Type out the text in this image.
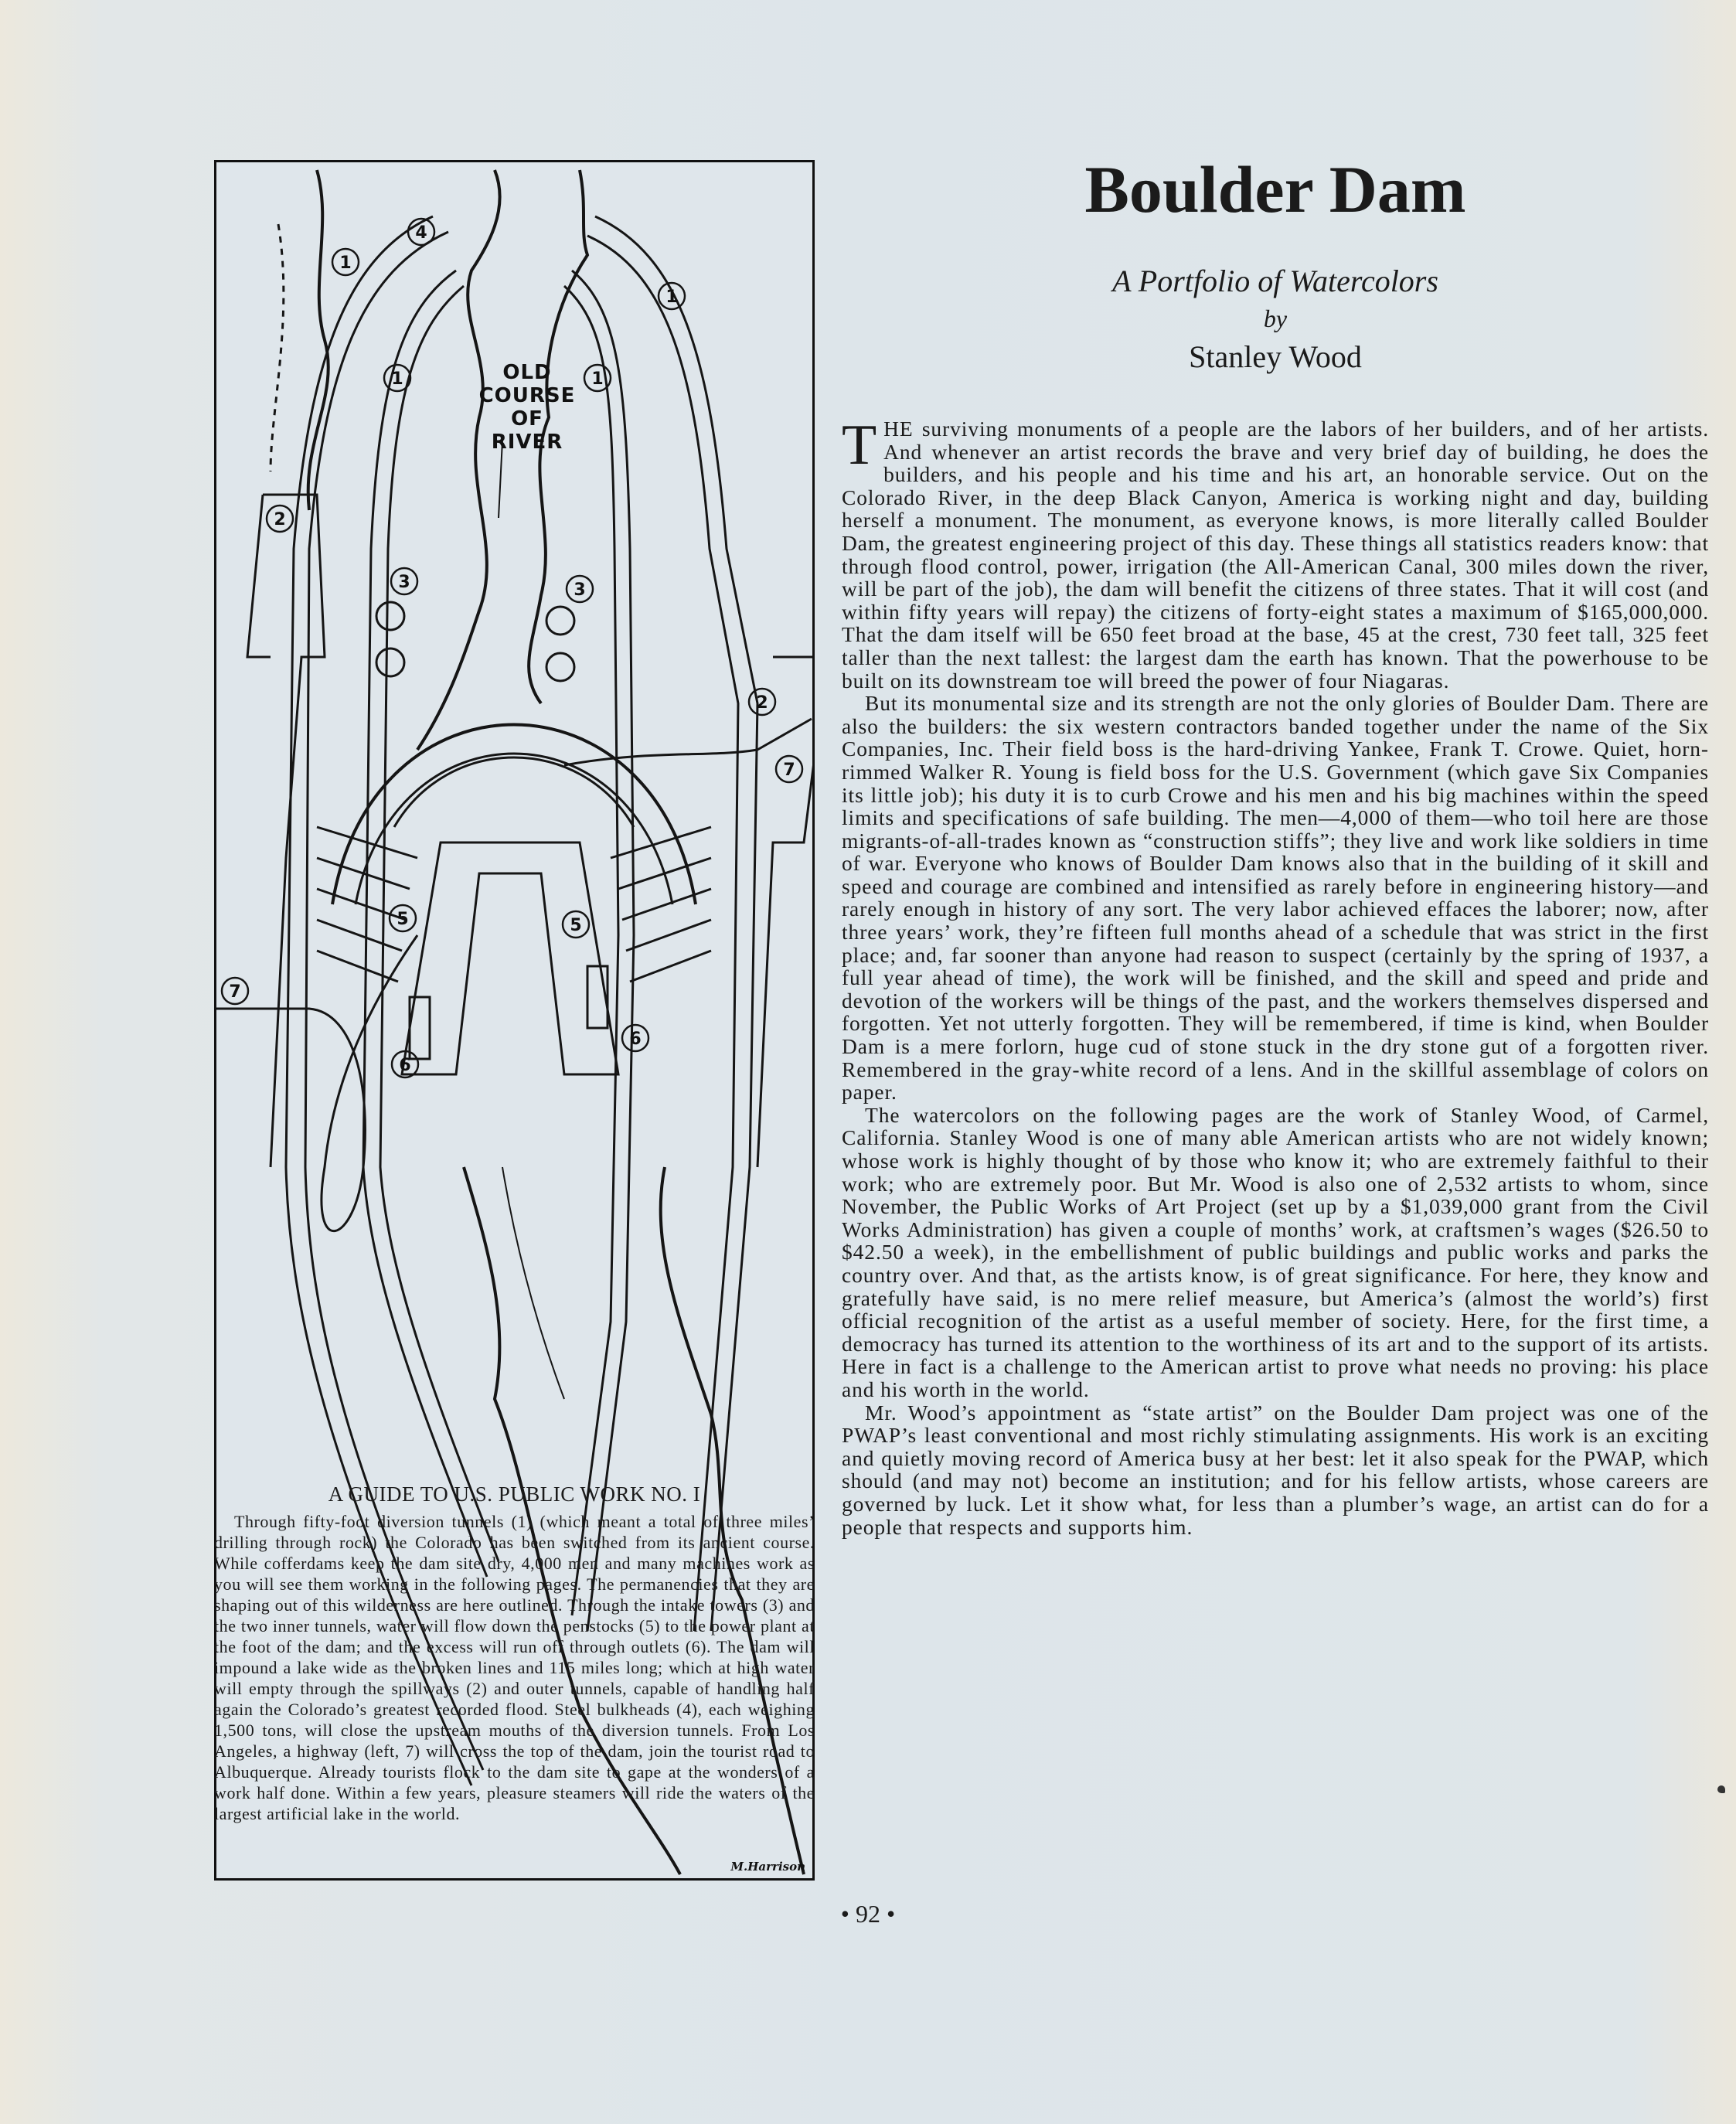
4
1
1	1
1
2
2
3	3
7
5	5
7
6
6
OLD
COURSE
OF
RIVER
M.Harrison
A GUIDE TO U.S. PUBLIC WORK NO. I

Through fifty-foot diversion tunnels (1) (which meant a total of three miles’ drilling through rock) the Colorado has been switched from its ancient course. While cofferdams keep the dam site dry, 4,000 men and many machines work as you will see them working in the following pages. The permanencies that they are shaping out of this wilderness are here outlined. Through the intake towers (3) and the two inner tunnels, water will flow down the penstocks (5) to the power plant at the foot of the dam; and the excess will run off through outlets (6). The dam will impound a lake wide as the broken lines and 115 miles long; which at high water will empty through the spillways (2) and outer tunnels, capable of handling half again the Colorado’s greatest recorded flood. Steel bulkheads (4), each weighing 1,500 tons, will close the upstream mouths of the diversion tunnels. From Los Angeles, a highway (left, 7) will cross the top of the dam, join the tourist road to Albuquerque. Already tourists flock to the dam site to gape at the wonders of a work half done. Within a few years, pleasure steamers will ride the waters of the largest artificial lake in the world.

Boulder Dam
A Portfolio of Watercolors
by
Stanley Wood

THE surviving monuments of a people are the labors of her builders, and of her artists. And whenever an artist records the brave and very brief day of building, he does the builders, and his people and his time and his art, an honorable service. Out on the Colorado River, in the deep Black Canyon, America is working night and day, building herself a monument. The monument, as everyone knows, is more literally called Boulder Dam, the greatest engineering project of this day. These things all statistics readers know: that through flood control, power, irrigation (the All-American Canal, 300 miles down the river, will be part of the job), the dam will benefit the citizens of three states. That it will cost (and within fifty years will repay) the citizens of forty-eight states a maximum of $165,000,000. That the dam itself will be 650 feet broad at the base, 45 at the crest, 730 feet tall, 325 feet taller than the next tallest: the largest dam the earth has known. That the powerhouse to be built on its downstream toe will breed the power of four Niagaras.

But its monumental size and its strength are not the only glories of Boulder Dam. There are also the builders: the six western contractors banded together under the name of the Six Companies, Inc. Their field boss is the hard-driving Yankee, Frank T. Crowe. Quiet, horn-rimmed Walker R. Young is field boss for the U.S. Government (which gave Six Companies its little job); his duty it is to curb Crowe and his men and his big machines within the speed limits and specifications of safe building. The men—4,000 of them—who toil here are those migrants-of-all-trades known as “construction stiffs”; they live and work like soldiers in time of war. Everyone who knows of Boulder Dam knows also that in the building of it skill and speed and courage are combined and intensified as rarely before in engineering history—and rarely enough in history of any sort. The very labor achieved effaces the laborer; now, after three years’ work, they’re fifteen full months ahead of a schedule that was strict in the first place; and, far sooner than anyone had reason to suspect (certainly by the spring of 1937, a full year ahead of time), the work will be finished, and the skill and speed and pride and devotion of the workers will be things of the past, and the workers themselves dispersed and forgotten. Yet not utterly forgotten. They will be remembered, if time is kind, when Boulder Dam is a mere forlorn, huge cud of stone stuck in the dry stone gut of a forgotten river. Remembered in the gray-white record of a lens. And in the skillful assemblage of colors on paper.

The watercolors on the following pages are the work of Stanley Wood, of Carmel, California. Stanley Wood is one of many able American artists who are not widely known; whose work is highly thought of by those who know it; who are extremely faithful to their work; who are extremely poor. But Mr. Wood is also one of 2,532 artists to whom, since November, the Public Works of Art Project (set up by a $1,039,000 grant from the Civil Works Administration) has given a couple of months’ work, at craftsmen’s wages ($26.50 to $42.50 a week), in the embellishment of public buildings and public works and parks the country over. And that, as the artists know, is of great significance. For here, they know and gratefully have said, is no mere relief measure, but America’s (almost the world’s) first official recognition of the artist as a useful member of society. Here, for the first time, a democracy has turned its attention to the worthiness of its art and to the support of its artists. Here in fact is a challenge to the American artist to prove what needs no proving: his place and his worth in the world.

Mr. Wood’s appointment as “state artist” on the Boulder Dam project was one of the PWAP’s least conventional and most richly stimulating assignments. His work is an exciting and quietly moving record of America busy at her best: let it also speak for the PWAP, which should (and may not) become an institution; and for his fellow artists, whose careers are governed by luck. Let it show what, for less than a plumber’s wage, an artist can do for a people that respects and supports him.

• 92 •
